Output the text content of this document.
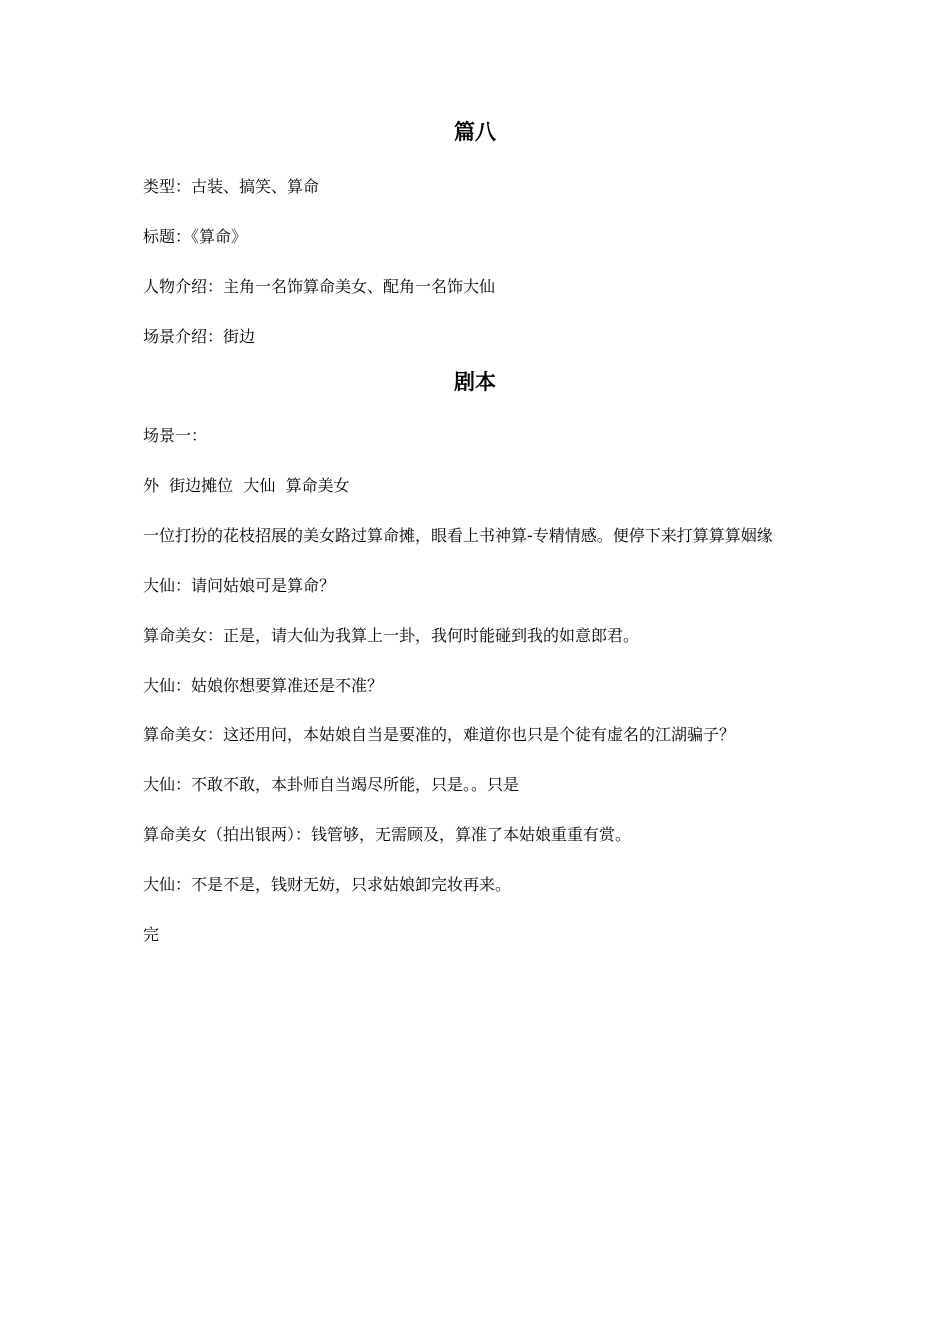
篇八

类型：古装、搞笑、算命

标题：《算命》

人物介绍：主角一名饰算命美女、配角一名饰大仙

场景介绍：街边

剧本

场景一：

外  街边摊位  大仙  算命美女

一位打扮的花枝招展的美女路过算命摊，眼看上书神算-专精情感。便停下来打算算算姻缘

大仙：请问姑娘可是算命？

算命美女：正是，请大仙为我算上一卦，我何时能碰到我的如意郎君。

大仙：姑娘你想要算准还是不准？

算命美女：这还用问，本姑娘自当是要准的，难道你也只是个徒有虚名的江湖骗子？

大仙：不敢不敢，本卦师自当竭尽所能，只是。。只是

算命美女（拍出银两）：钱管够，无需顾及，算准了本姑娘重重有赏。

大仙：不是不是，钱财无妨，只求姑娘卸完妆再来。

完
